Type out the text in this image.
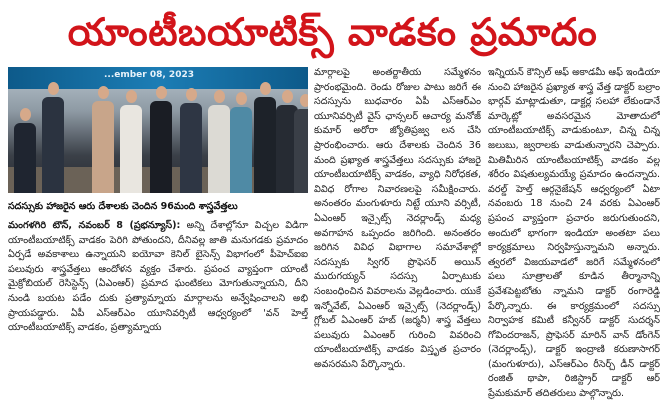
యాంటీబయాటిక్స్ వాడకం ప్రమాదం
...ember 08, 2023
సదస్సుకు హాజరైన ఆరు దేశాలకు చెందిన 96మంది శాస్త్రవేత్తలు

మంగళగిరి టౌన్, నవంబర్ 8 (ప్రభన్యూస్): అన్ని దేశాల్లోనూ విచ్చల విడిగా యాంటీబయాటిక్స్ వాడకం పెరిగి పోతుందని, దీనివల్ల జాతి మనుగడకు ప్రమాదం ఏర్పడే అవకాశాలు ఉన్నాయని ఐయోవా కెనిల్ బైసెన్స్ విభాగంలో పీహెచ్ఐఐ పలువురు శాస్త్రవేత్తలు ఆందోళన వ్యక్తం చేశారు. ప్రపంచ వ్యాప్తంగా యాంటీ మైక్రోబియల్ రెసిస్టెన్స్ (ఏఎంఆర్) ప్రమాద ఘంటికలు మోగుతున్నాయని, దీని నుండి బయట పడేం దుకు ప్రత్యామ్నాయ మార్గాలను అన్వేషించాలని అభి ప్రాయపడ్డారు. ఏపీ ఎస్ఆర్ఎం యూనివర్సిటీ ఆధ్వర్యంలో 'వన్ హెల్త్ యాంటీబయాటిక్స్ వాడకం, ప్రత్యామ్నాయ

మార్గాలపై అంతర్జాతీయ సమ్మేళనం ప్రారంభమైంది. రెండు రోజుల పాటు జరిగే ఈ సదస్సును బుధవారం ఏపీ ఎస్ఆర్ఎం యూనివర్సిటీ వైస్ ఛాన్సలర్ ఆచార్య మనోజ్ కుమార్ అరోరా జ్యోతిప్రజ్వ లన చేసి ప్రారంభించారు. ఆరు దేశాలకు చెందిన 36 మంది ప్రఖ్యాత శాస్త్రవేత్తలు సదస్సుకు హాజరై యాంటీబయాటిక్స్ వాడకం, వ్యాధి నిరోధకత, వివిధ రోగాల నివారణలపై సమీక్షించారు. అనంతరం మంగుళూరు నిట్టే యూని వర్సిటీ, ఏఎంఆర్ ఇన్సైట్స్ నెదర్లాండ్స్ మధ్య అవగాహన ఒప్పందం జరిగింది. అనంతరం జరిగిన వివిధ విభాగాల సమావేశాల్లో సదస్సుకు స్విగర్ ప్రొఫెసర్ అయిన్ మురుగయ్యన్ సదస్సు ఏర్పాటుకు సంబంధించిన వివరాలను వెల్లడించారు. యుకే ఇన్నోవేట్, ఏఎంఆర్ ఇన్సైట్స్ (నెదర్లాండ్స్) గ్లోబల్ ఏఎంఆర్ హబ్ (జర్మనీ) శాస్త్ర వేత్తలు పలువురు ఏఎంఆర్ గురించి వివరించి యాంటీబయాటిక్స్ వాడకం విస్తృత ప్రచారం అవసరమని పేర్కొన్నారు.

ఇన్నియన్ కౌన్సిల్ ఆఫ్ అకాడమీ ఆఫ్ ఇండియా నుంచి హాజరైన ప్రఖ్యాత శాస్త్ర వేత్త డాక్టర్ బల్రాం భార్గవ్ మాట్లాడుతూ, డాక్టర్ల సలహా లేకుండానే మార్కెట్లో అవసరమైన మోతాదులో యాంటీబయాటిక్స్ వాడుకుంటూ, చిన్న చిన్న జలుబు, జ్వరాలకు వాడుతున్నారని చెప్పారు. మితిమీరిన యాంటీబయాటిక్స్ వాడకం వల్ల శరీరం విషతుల్యమయ్యే ప్రమాదం ఉందన్నారు. వరల్డ్ హెల్త్ ఆర్గనైజేషన్ ఆధ్వర్యంలో ఏటా నవంబరు 18 నుంచి 24 వరకు ఏఎంఆర్ ప్రపంచ వ్యాప్తంగా ప్రచారం జరుగుతుందని, అందులో భాగంగా ఇండియా అంతటా పలు కార్యక్రమాలు నిర్వహిస్తున్నామని అన్నారు. త్వరలో విజయవాడలో జరిగే సమ్మేళనంలో పలు సూత్రాలతో కూడిన తీర్మానాన్ని ప్రవేశపెట్టబోతు న్నామని డాక్టర్ రంగారెడ్డి పేర్కొన్నారు. ఈ కార్యక్రమంలో సదస్సు నిర్వాహక కమిటీ కన్వీనర్ డాక్టర్ సుదర్శన్ గోవిందరాజన్, ప్రొఫెసర్ మారిన్ వాన్ డోంగెన్ (నెదర్లాండ్స్), డాక్టర్ ఇంద్రాణి కరుణాసాగర్ (మంగుళూరు), ఎస్ఆర్ఎం రీసెర్చ్ డీన్ డాక్టర్ రంజిత్ థాపా, రిజిస్ట్రార్ డాక్టర్ ఆర్ ప్రేమకుమార్ తదితరులు పాల్గొన్నారు.
